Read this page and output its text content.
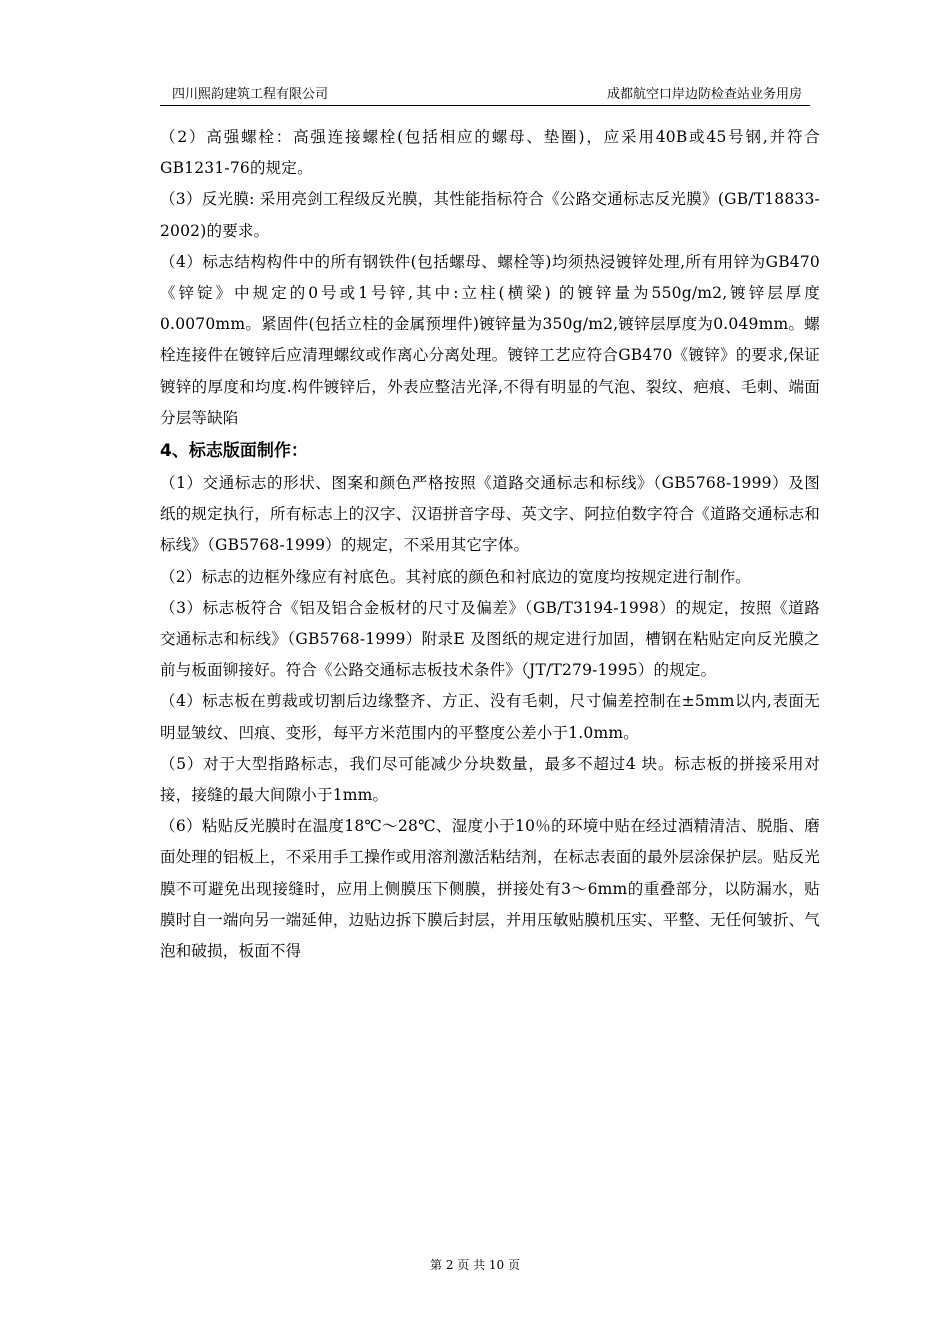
四川熙韵建筑工程有限公司	成都航空口岸边防检查站业务用房

（2）高强螺栓：高强连接螺栓(包括相应的螺母、垫圈)，应采用40B或45号钢,并符合GB1231-76的规定。

（3）反光膜: 采用亮剑工程级反光膜，其性能指标符合《公路交通标志反光膜》(GB/T18833-2002)的要求。

（4）标志结构构件中的所有钢铁件(包括螺母、螺栓等)均须热浸镀锌处理,所有用锌为GB470《锌锭》中规定的0号或1号锌,其中:立柱(横梁) 的镀锌量为550g/m2,镀锌层厚度0.0070mm。紧固件(包括立柱的金属预埋件)镀锌量为350g/m2,镀锌层厚度为0.049mm。螺栓连接件在镀锌后应清理螺纹或作离心分离处理。镀锌工艺应符合GB470《镀锌》的要求,保证镀锌的厚度和均度.构件镀锌后，外表应整洁光泽,不得有明显的气泡、裂纹、疤痕、毛刺、端面分层等缺陷

4、标志版面制作：

（1）交通标志的形状、图案和颜色严格按照《道路交通标志和标线》（GB5768-1999）及图纸的规定执行，所有标志上的汉字、汉语拼音字母、英文字、阿拉伯数字符合《道路交通标志和标线》（GB5768-1999）的规定，不采用其它字体。

（2）标志的边框外缘应有衬底色。其衬底的颜色和衬底边的宽度均按规定进行制作。

（3）标志板符合《铝及铝合金板材的尺寸及偏差》（GB/T3194-1998）的规定，按照《道路交通标志和标线》（GB5768-1999）附录E 及图纸的规定进行加固，槽钢在粘贴定向反光膜之前与板面铆接好。符合《公路交通标志板技术条件》（JT/T279-1995）的规定。

（4）标志板在剪裁或切割后边缘整齐、方正、没有毛刺，尺寸偏差控制在±5mm以内,表面无明显皱纹、凹痕、变形，每平方米范围内的平整度公差小于1.0mm。

（5）对于大型指路标志，我们尽可能减少分块数量，最多不超过4 块。标志板的拼接采用对接，接缝的最大间隙小于1mm。

（6）粘贴反光膜时在温度18℃～28℃、湿度小于10％的环境中贴在经过酒精清洁、脱脂、磨面处理的铝板上，不采用手工操作或用溶剂激活粘结剂，在标志表面的最外层涂保护层。贴反光膜不可避免出现接缝时，应用上侧膜压下侧膜，拼接处有3～6mm的重叠部分，以防漏水，贴膜时自一端向另一端延伸，边贴边拆下膜后封层，并用压敏贴膜机压实、平整、无任何皱折、气泡和破损，板面不得

第 2 页 共 10 页
